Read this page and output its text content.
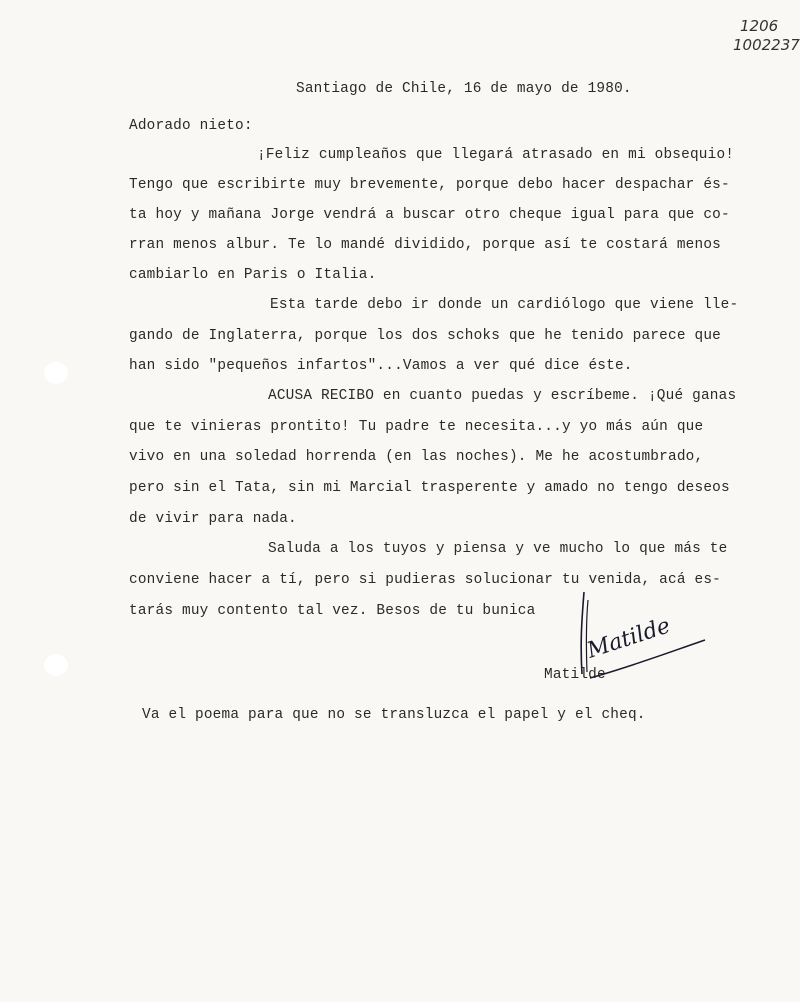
1206
1002237
Santiago de Chile, 16 de mayo de 1980.
Adorado nieto:
¡Feliz cumpleaños que llegará atrasado en mi obsequio!
Tengo que escribirte muy brevemente, porque debo hacer despachar és-
ta hoy y mañana Jorge vendrá a buscar otro cheque igual para que co-
rran menos albur. Te lo mandé dividido, porque así te costará menos
cambiarlo en Paris o Italia.
Esta tarde debo ir donde un cardiólogo que viene lle-
gando de Inglaterra, porque los dos schoks que he tenido parece que
han sido "pequeños infartos"...Vamos a ver qué dice éste.
ACUSA RECIBO en cuanto puedas y escríbeme. ¡Qué ganas
que te vinieras prontito! Tu padre te necesita...y yo más aún que
vivo en una soledad horrenda (en las noches). Me he acostumbrado,
pero sin el Tata, sin mi Marcial trasperente y amado no tengo deseos
de vivir para nada.
Saluda a los tuyos y piensa y ve mucho lo que más te
conviene hacer a tí, pero si pudieras solucionar tu venida, acá es-
tarás muy contento tal vez. Besos de tu bunica
Matilde
Matilde
Va el poema para que no se transluzca el papel y el cheq.
